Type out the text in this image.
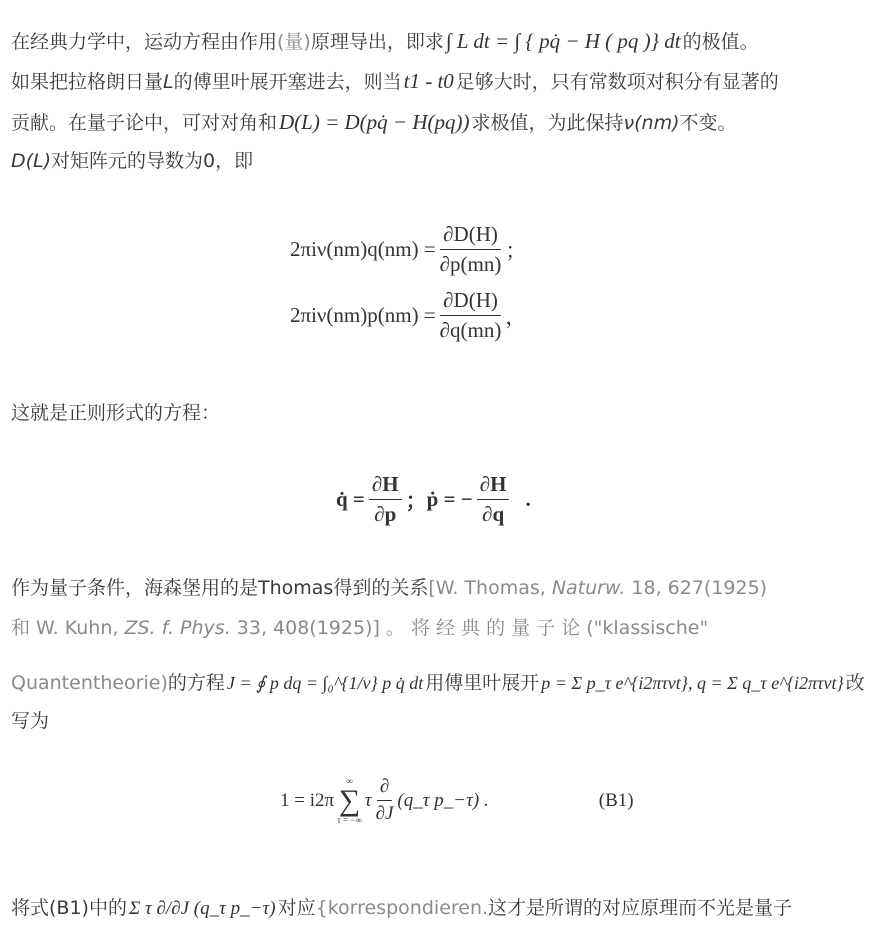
在经典力学中，运动方程由作用(量)原理导出，即求∫ L dt = ∫ { pq̇ − H ( pq )} dt 的极值。
如果把拉格朗日量L的傅里叶展开塞进去，则当t1 - t0 足够大时，只有常数项对积分有显著的
贡献。在量子论中，可对对角和D(L) = D(pq̇ − H(pq)) 求极值，为此保持ν(nm)不变。
D(L)对矩阵元的导数为0，即
$2\pi i\nu(nm)q(nm) = \frac{\partial D(H)}{\partial p(mn)}$ ；
$2\pi i\nu(nm)p(nm) = \frac{\partial D(H)}{\partial q(mn)}$ ，
这就是正则形式的方程：
q̇ = $\frac{\partial H}{\partial p}$ ； ṗ = − $\frac{\partial H}{\partial q}$ .
作为量子条件，海森堡用的是Thomas得到的关系[W. Thomas, Naturw. 18, 627(1925)
和 W. Kuhn, ZS. f. Phys. 33, 408(1925)] 。 将 经 典 的 量 子 论 ("klassische"
Quantentheorie)的方程 J = ∮ p dq = ∫₀^{1/ν} p q̇ dt 用傅里叶展开 p = Σ p_τ e^{i2πτνt}, q = Σ q_τ e^{i2πτνt} 改写为
1 = i2π
∞
∑
τ = −∞
τ $\frac{\partial}{\partial J}$ (q_τ p_−τ) .	(B1)
将式(B1)中的 Σ τ ∂/∂J (q_τ p_−τ) 对应{korrespondieren.这才是所谓的对应原理而不光是量子
